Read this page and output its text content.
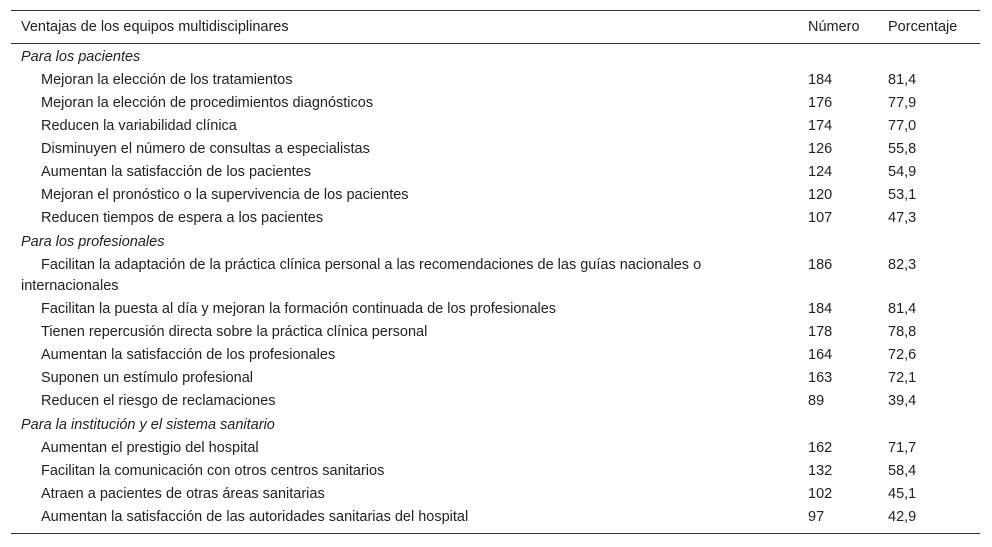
Ventajas de los equipos multidisciplinares	Número	Porcentaje
Para los pacientes		
Mejoran la elección de los tratamientos	184	81,4
Mejoran la elección de procedimientos diagnósticos	176	77,9
Reducen la variabilidad clínica	174	77,0
Disminuyen el número de consultas a especialistas	126	55,8
Aumentan la satisfacción de los pacientes	124	54,9
Mejoran el pronóstico o la supervivencia de los pacientes	120	53,1
Reducen tiempos de espera a los pacientes	107	47,3
Para los profesionales		
Facilitan la adaptación de la práctica clínica personal a las recomendaciones de las guías nacionales o internacionales	186	82,3
Facilitan la puesta al día y mejoran la formación continuada de los profesionales	184	81,4
Tienen repercusión directa sobre la práctica clínica personal	178	78,8
Aumentan la satisfacción de los profesionales	164	72,6
Suponen un estímulo profesional	163	72,1
Reducen el riesgo de reclamaciones	89	39,4
Para la institución y el sistema sanitario		
Aumentan el prestigio del hospital	162	71,7
Facilitan la comunicación con otros centros sanitarios	132	58,4
Atraen a pacientes de otras áreas sanitarias	102	45,1
Aumentan la satisfacción de las autoridades sanitarias del hospital	97	42,9
